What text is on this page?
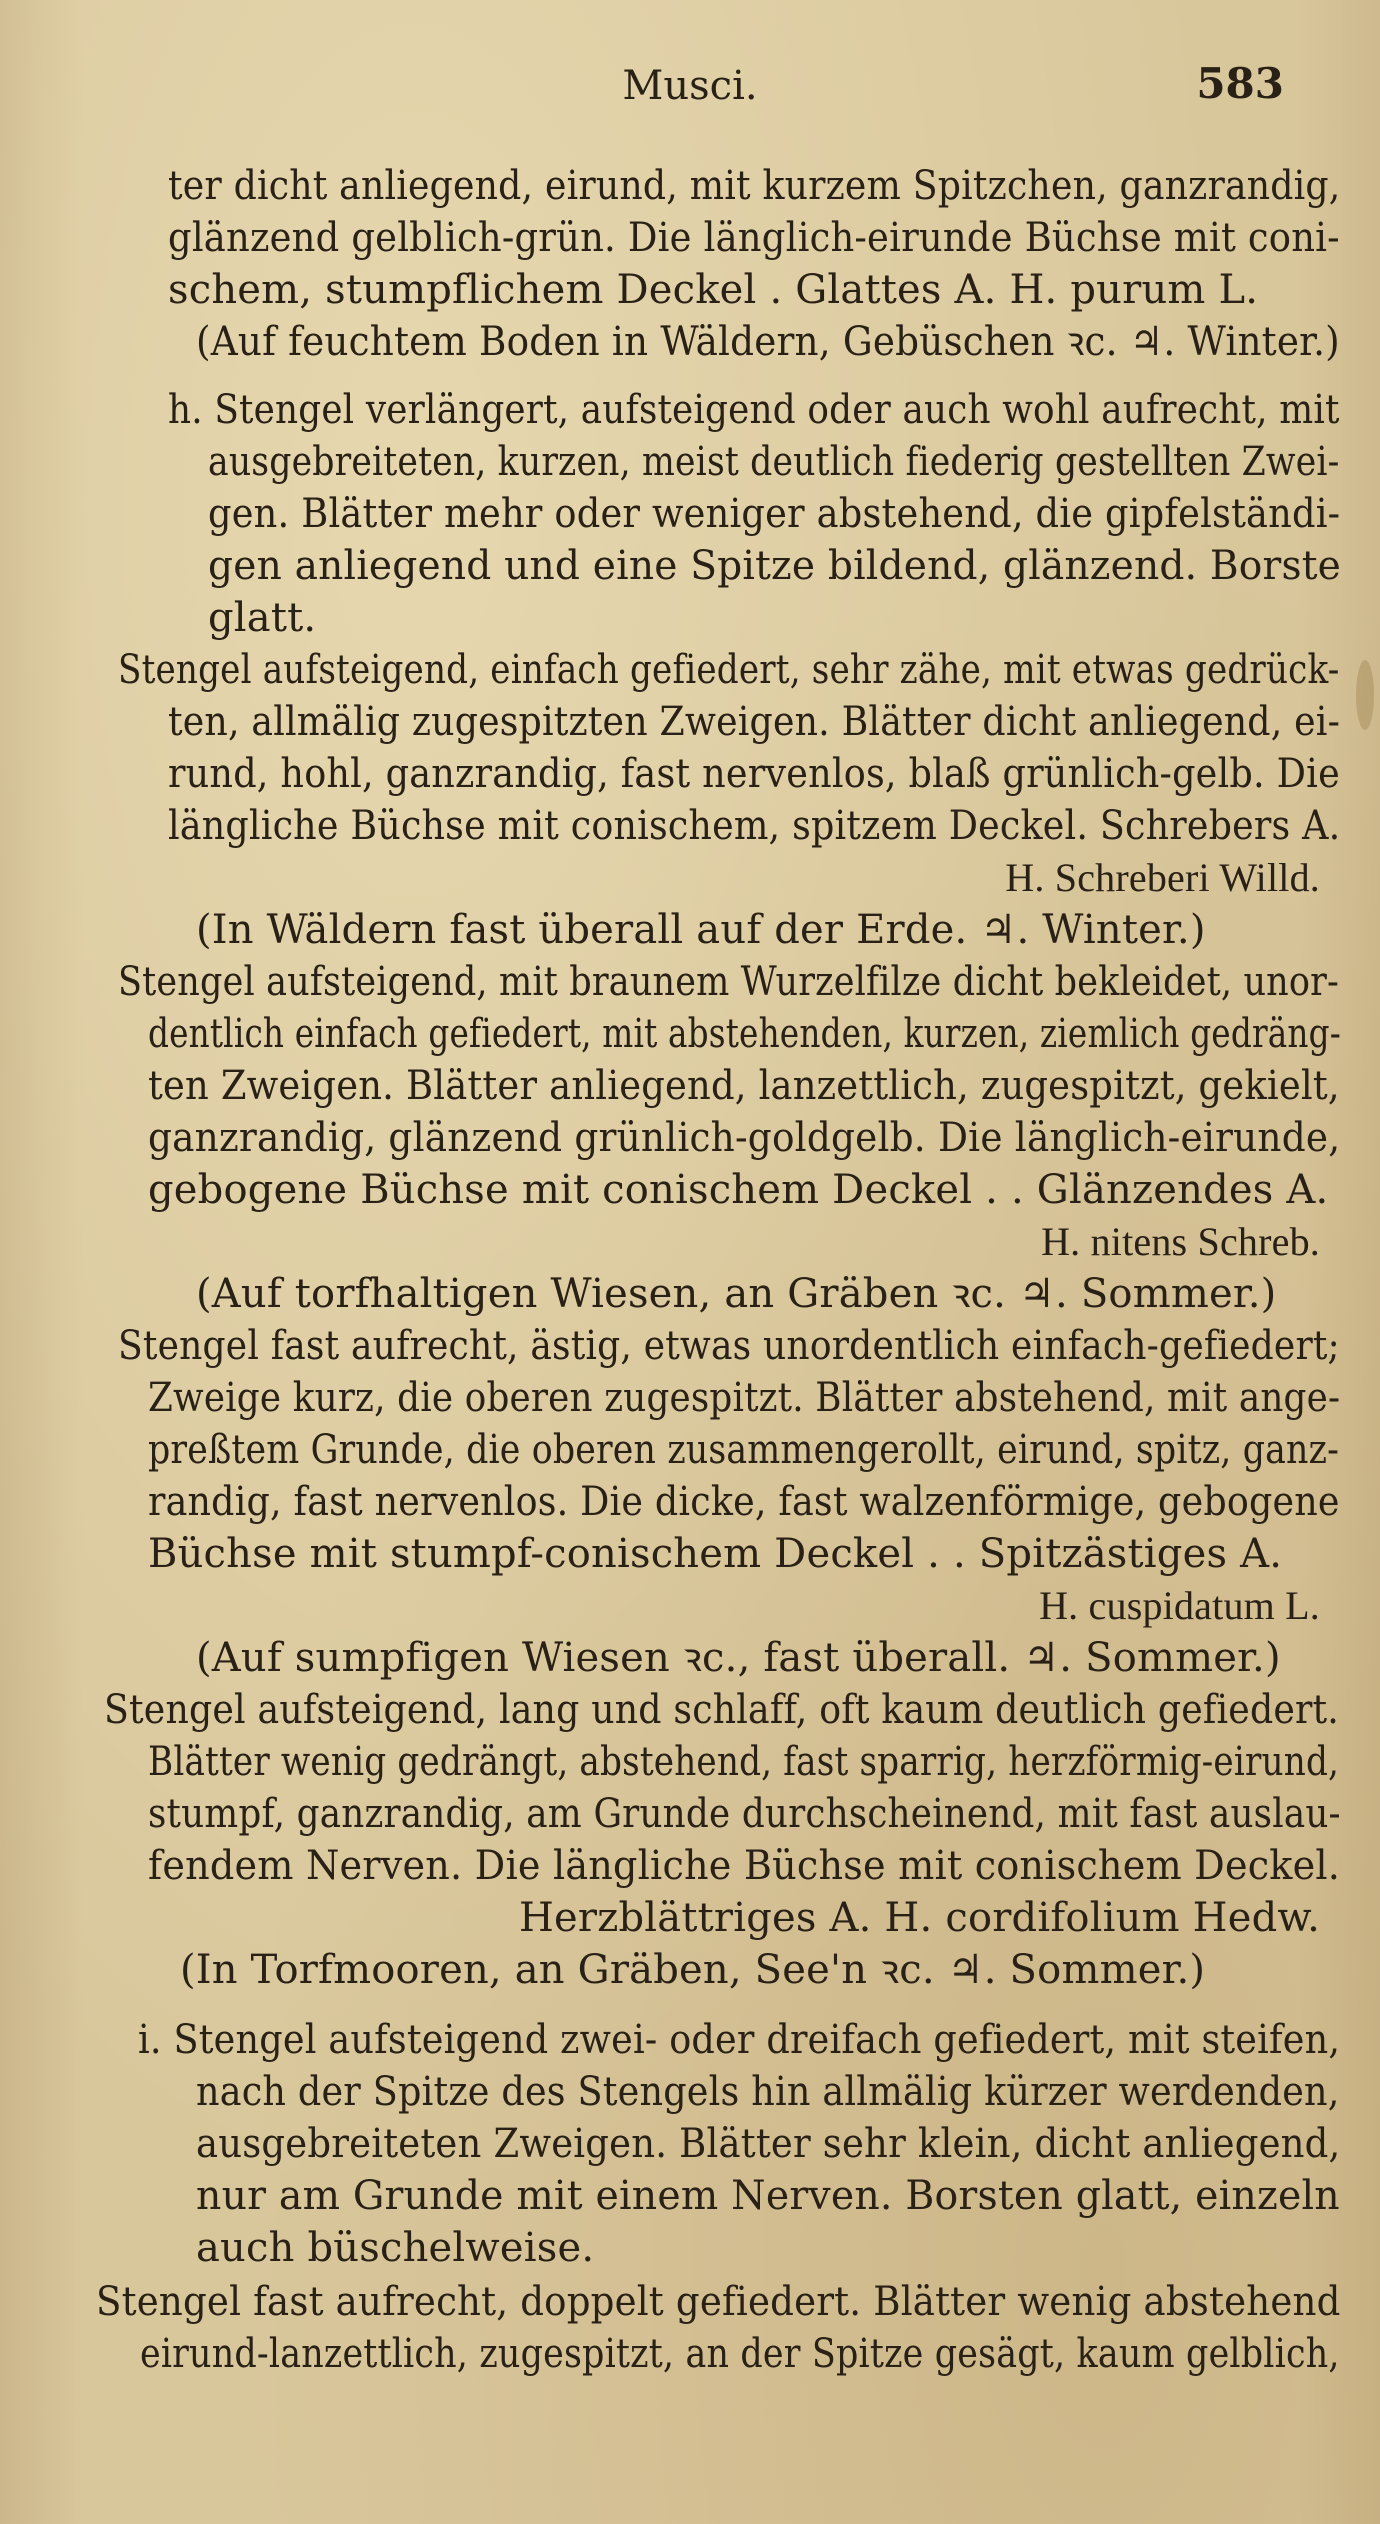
Musci.	583
ter dicht anliegend, eirund, mit kurzem Spitzchen, ganzrandig,
glänzend gelblich-grün. Die länglich-eirunde Büchse mit coni-
schem, stumpflichem Deckel . Glattes A. H. purum L.
(Auf feuchtem Boden in Wäldern, Gebüschen ꝛc. ♃. Winter.)
h. Stengel verlängert, aufsteigend oder auch wohl aufrecht, mit
ausgebreiteten, kurzen, meist deutlich fiederig gestellten Zwei-
gen. Blätter mehr oder weniger abstehend, die gipfelständi-
gen anliegend und eine Spitze bildend, glänzend. Borste
glatt.
Stengel aufsteigend, einfach gefiedert, sehr zähe, mit etwas gedrück-
ten, allmälig zugespitzten Zweigen. Blätter dicht anliegend, ei-
rund, hohl, ganzrandig, fast nervenlos, blaß grünlich-gelb. Die
längliche Büchse mit conischem, spitzem Deckel. Schrebers A.
H. Schreberi Willd.
(In Wäldern fast überall auf der Erde. ♃. Winter.)
Stengel aufsteigend, mit braunem Wurzelfilze dicht bekleidet, unor-
dentlich einfach gefiedert, mit abstehenden, kurzen, ziemlich gedräng-
ten Zweigen. Blätter anliegend, lanzettlich, zugespitzt, gekielt,
ganzrandig, glänzend grünlich-goldgelb. Die länglich-eirunde,
gebogene Büchse mit conischem Deckel . . Glänzendes A.
H. nitens Schreb.
(Auf torfhaltigen Wiesen, an Gräben ꝛc. ♃. Sommer.)
Stengel fast aufrecht, ästig, etwas unordentlich einfach-gefiedert;
Zweige kurz, die oberen zugespitzt. Blätter abstehend, mit ange-
preßtem Grunde, die oberen zusammengerollt, eirund, spitz, ganz-
randig, fast nervenlos. Die dicke, fast walzenförmige, gebogene
Büchse mit stumpf-conischem Deckel . . Spitzästiges A.
H. cuspidatum L.
(Auf sumpfigen Wiesen ꝛc., fast überall. ♃. Sommer.)
Stengel aufsteigend, lang und schlaff, oft kaum deutlich gefiedert.
Blätter wenig gedrängt, abstehend, fast sparrig, herzförmig-eirund,
stumpf, ganzrandig, am Grunde durchscheinend, mit fast auslau-
fendem Nerven. Die längliche Büchse mit conischem Deckel.
Herzblättriges A. H. cordifolium Hedw.
(In Torfmooren, an Gräben, See'n ꝛc. ♃. Sommer.)
i. Stengel aufsteigend zwei- oder dreifach gefiedert, mit steifen,
nach der Spitze des Stengels hin allmälig kürzer werdenden,
ausgebreiteten Zweigen. Blätter sehr klein, dicht anliegend,
nur am Grunde mit einem Nerven. Borsten glatt, einzeln
auch büschelweise.
Stengel fast aufrecht, doppelt gefiedert. Blätter wenig abstehend
eirund-lanzettlich, zugespitzt, an der Spitze gesägt, kaum gelblich,
